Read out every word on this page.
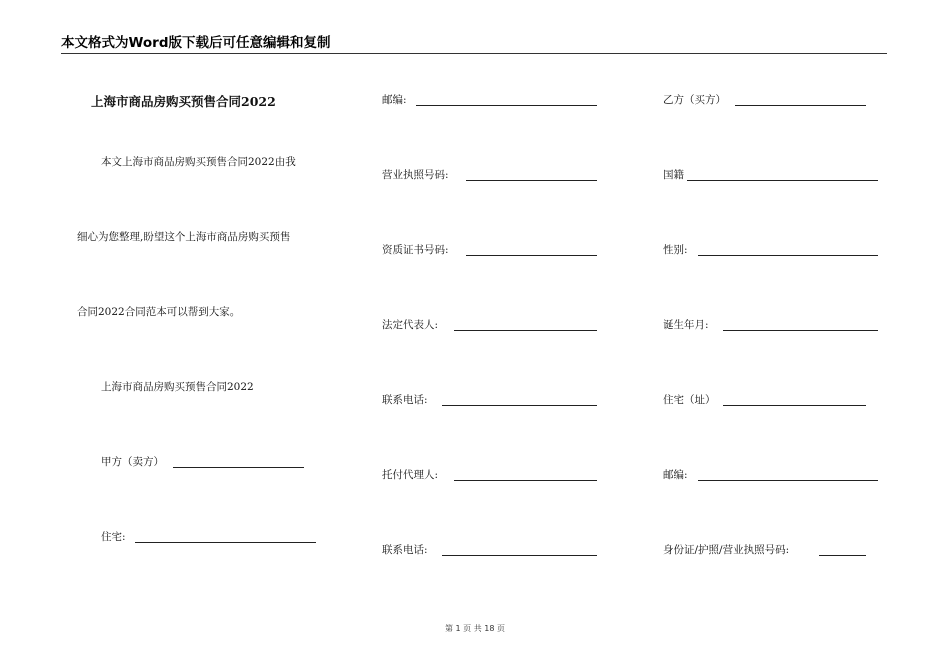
本文格式为Word版下载后可任意编辑和复制
上海市商品房购买预售合同2022
本文上海市商品房购买预售合同2022由我
细心为您整理,盼望这个上海市商品房购买预售
合同2022合同范本可以帮到大家。
上海市商品房购买预售合同2022
甲方（卖方）
住宅:
邮编:
营业执照号码:
资质证书号码:
法定代表人:
联系电话:
托付代理人:
联系电话:
乙方（买方）
国籍
性别:
诞生年月:
住宅（址）
邮编:
身份证/护照/营业执照号码:
第 1 页 共 18 页
